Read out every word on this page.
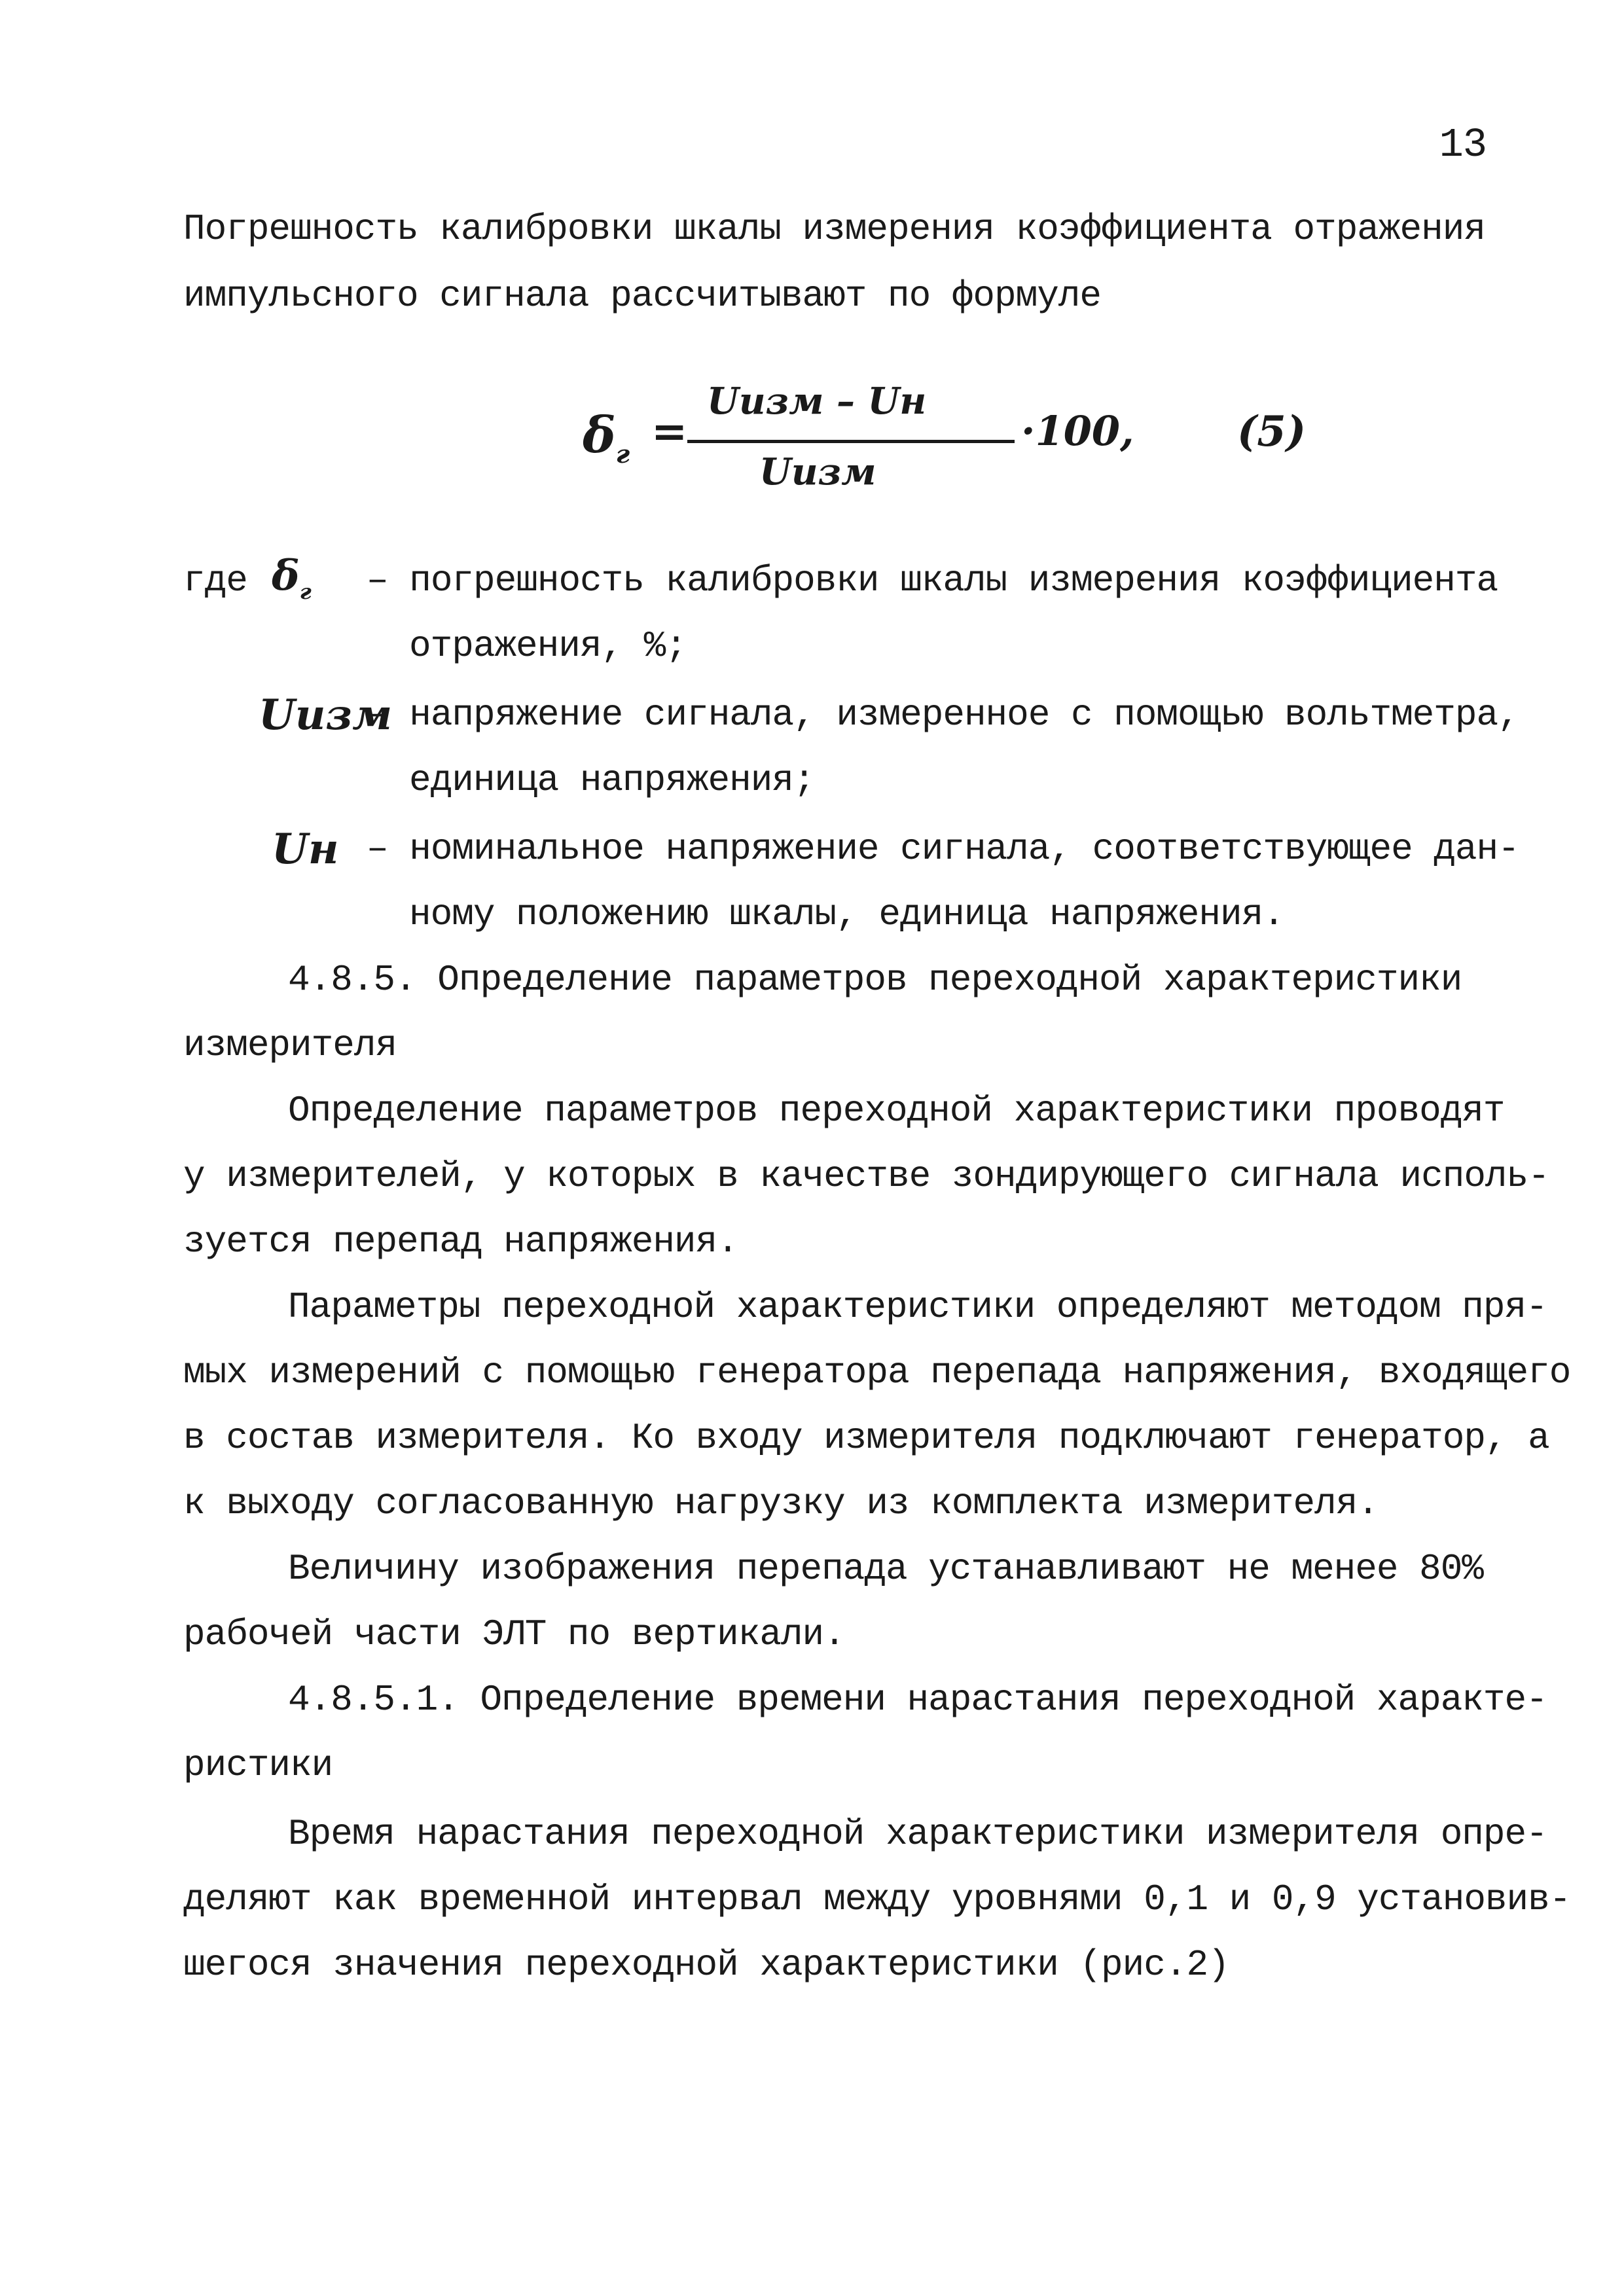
13
Погрешность калибровки шкалы измерения коэффициента отражения
импульсного сигнала рассчитывают по формуле
$\delta_г$ =
Uизм – Uн
Uизм
·100, (5)
где $\delta_г$ – погрешность калибровки шкалы измерения коэффициента
отражения, %;
Uизм
– напряжение сигнала, измеренное с помощью вольтметра,
единица напряжения;
Uн – номинальное напряжение сигнала, соответствующее дан-
ному положению шкалы, единица напряжения.
4.8.5. Определение параметров переходной характеристики
измерителя
Определение параметров переходной характеристики проводят
у измерителей, у которых в качестве зондирующего сигнала исполь-
зуется перепад напряжения.
Параметры переходной характеристики определяют методом пря-
мых измерений с помощью генератора перепада напряжения, входящего
в состав измерителя. Ко входу измерителя подключают генератор, а
к выходу согласованную нагрузку из комплекта измерителя.
Величину изображения перепада устанавливают не менее 80%
рабочей части ЭЛТ по вертикали.
4.8.5.1. Определение времени нарастания переходной характе-
ристики
Время нарастания переходной характеристики измерителя опре-
деляют как временной интервал между уровнями 0,1 и 0,9 установив-
шегося значения переходной характеристики (рис.2)
